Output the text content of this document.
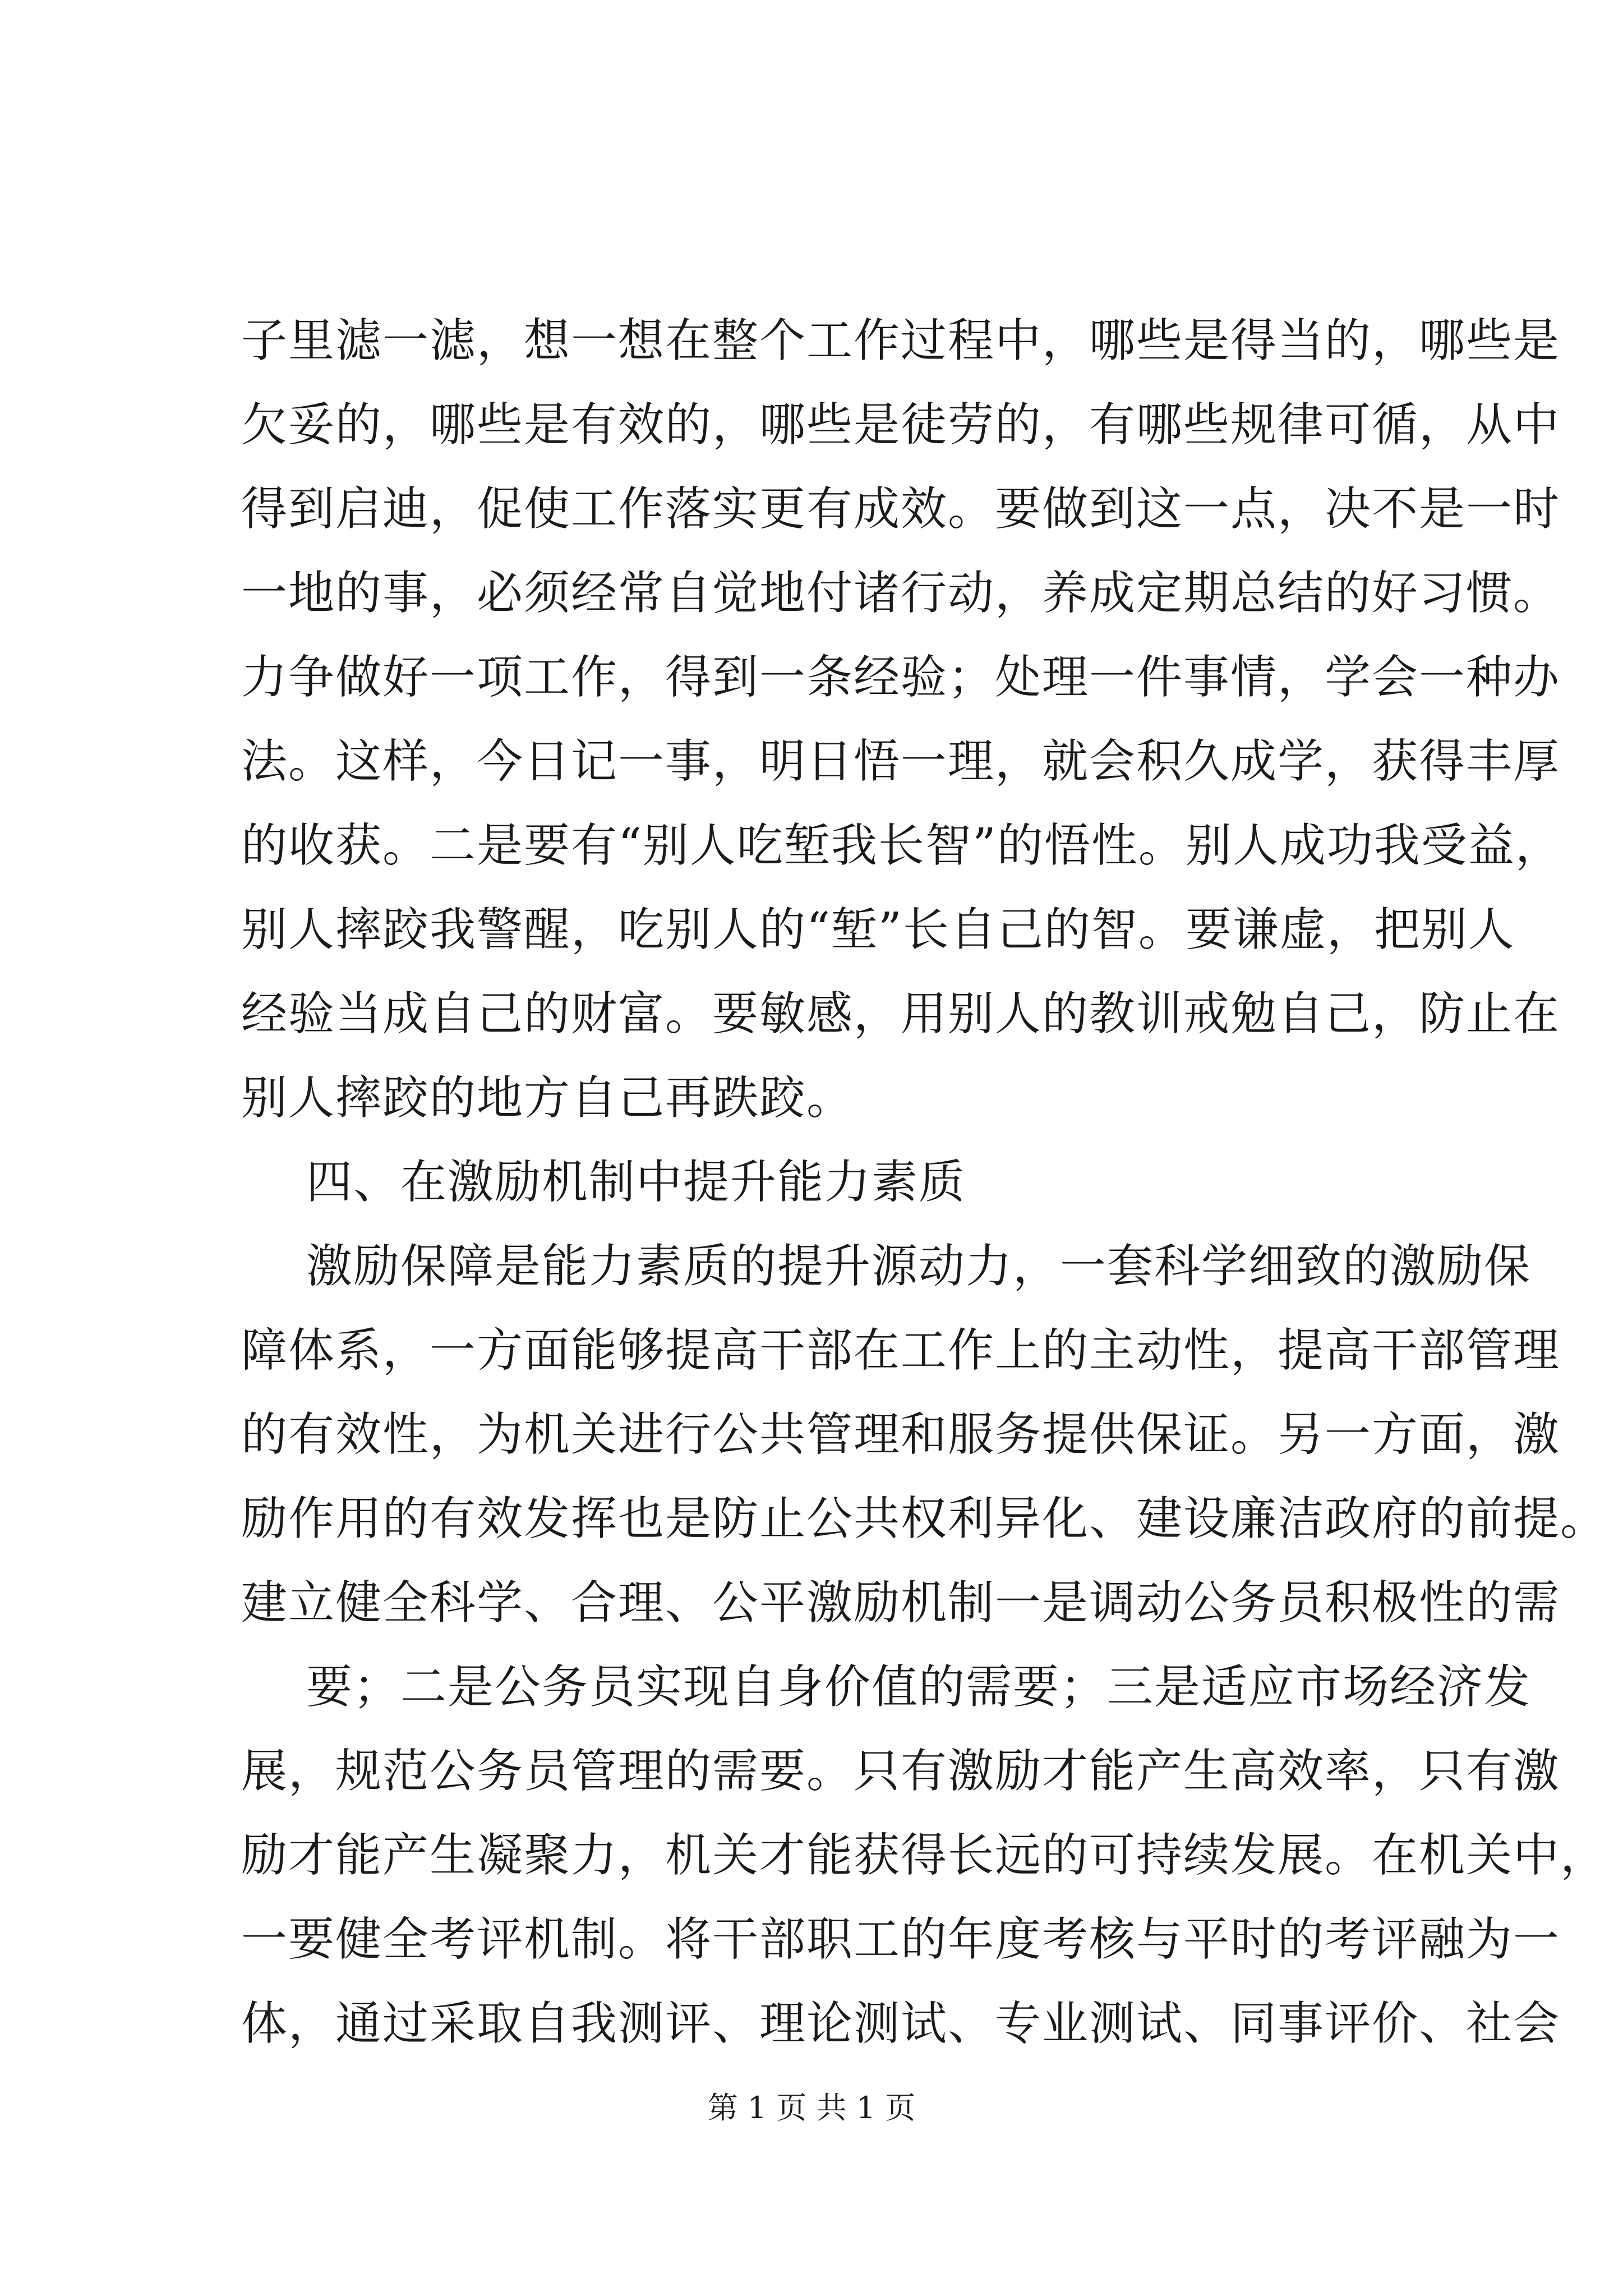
子里滤一滤，想一想在整个工作过程中，哪些是得当的，哪些是
欠妥的，哪些是有效的，哪些是徒劳的，有哪些规律可循，从中
得到启迪，促使工作落实更有成效。要做到这一点，决不是一时
一地的事，必须经常自觉地付诸行动，养成定期总结的好习惯。
力争做好一项工作，得到一条经验；处理一件事情，学会一种办
法。这样，今日记一事，明日悟一理，就会积久成学，获得丰厚
的收获。二是要有“别人吃堑我长智”的悟性。别人成功我受益，
别人摔跤我警醒，吃别人的“堑”长自己的智。要谦虚，把别人
经验当成自己的财富。要敏感，用别人的教训戒勉自己，防止在
别人摔跤的地方自己再跌跤。
四、在激励机制中提升能力素质
激励保障是能力素质的提升源动力，一套科学细致的激励保
障体系，一方面能够提高干部在工作上的主动性，提高干部管理
的有效性，为机关进行公共管理和服务提供保证。另一方面，激
励作用的有效发挥也是防止公共权利异化、建设廉洁政府的前提。
建立健全科学、合理、公平激励机制一是调动公务员积极性的需
要；二是公务员实现自身价值的需要；三是适应市场经济发
展，规范公务员管理的需要。只有激励才能产生高效率，只有激
励才能产生凝聚力，机关才能获得长远的可持续发展。在机关中，
一要健全考评机制。将干部职工的年度考核与平时的考评融为一
体，通过采取自我测评、理论测试、专业测试、同事评价、社会
第 1 页 共 1 页
